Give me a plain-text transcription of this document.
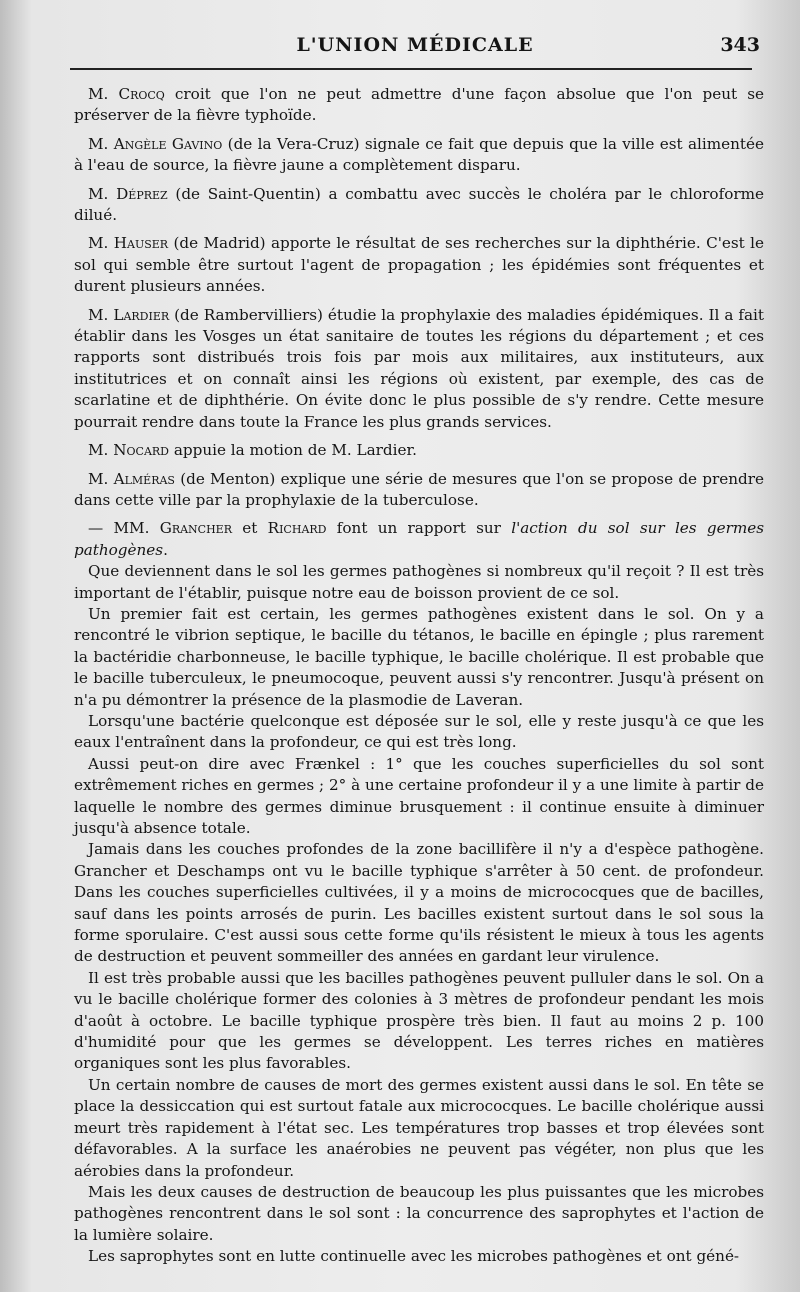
L'UNION MÉDICALE	343

M. Crocq croit que l'on ne peut admettre d'une façon absolue que l'on peut se préserver de la fièvre typhoïde.

M. Angèle Gavino (de la Vera-Cruz) signale ce fait que depuis que la ville est alimentée à l'eau de source, la fièvre jaune a complètement disparu.

M. Déprez (de Saint-Quentin) a combattu avec succès le choléra par le chloroforme dilué.

M. Hauser (de Madrid) apporte le résultat de ses recherches sur la diphthérie. C'est le sol qui semble être surtout l'agent de propagation ; les épidémies sont fréquentes et durent plusieurs années.

M. Lardier (de Rambervilliers) étudie la prophylaxie des maladies épidémiques. Il a fait établir dans les Vosges un état sanitaire de toutes les régions du département ; et ces rapports sont distribués trois fois par mois aux militaires, aux instituteurs, aux institutrices et on connaît ainsi les régions où existent, par exemple, des cas de scarlatine et de diphthérie. On évite donc le plus possible de s'y rendre. Cette mesure pourrait rendre dans toute la France les plus grands services.

M. Nocard appuie la motion de M. Lardier.

M. Alméras (de Menton) explique une série de mesures que l'on se propose de prendre dans cette ville par la prophylaxie de la tuberculose.

— MM. Grancher et Richard font un rapport sur l'action du sol sur les germes pathogènes.

Que deviennent dans le sol les germes pathogènes si nombreux qu'il reçoit ? Il est très important de l'établir, puisque notre eau de boisson provient de ce sol.

Un premier fait est certain, les germes pathogènes existent dans le sol. On y a rencontré le vibrion septique, le bacille du tétanos, le bacille en épingle ; plus rarement la bactéridie charbonneuse, le bacille typhique, le bacille cholérique. Il est probable que le bacille tuberculeux, le pneumocoque, peuvent aussi s'y rencontrer. Jusqu'à présent on n'a pu démontrer la présence de la plasmodie de Laveran.

Lorsqu'une bactérie quelconque est déposée sur le sol, elle y reste jusqu'à ce que les eaux l'entraînent dans la profondeur, ce qui est très long.

Aussi peut-on dire avec Frænkel : 1° que les couches superficielles du sol sont extrêmement riches en germes ; 2° à une certaine profondeur il y a une limite à partir de laquelle le nombre des germes diminue brusquement : il continue ensuite à diminuer jusqu'à absence totale.

Jamais dans les couches profondes de la zone bacillifère il n'y a d'espèce pathogène. Grancher et Deschamps ont vu le bacille typhique s'arrêter à 50 cent. de profondeur. Dans les couches superficielles cultivées, il y a moins de micrococques que de bacilles, sauf dans les points arrosés de purin. Les bacilles existent surtout dans le sol sous la forme sporulaire. C'est aussi sous cette forme qu'ils résistent le mieux à tous les agents de destruction et peuvent sommeiller des années en gardant leur virulence.

Il est très probable aussi que les bacilles pathogènes peuvent pulluler dans le sol. On a vu le bacille cholérique former des colonies à 3 mètres de profondeur pendant les mois d'août à octobre. Le bacille typhique prospère très bien. Il faut au moins 2 p. 100 d'humidité pour que les germes se développent. Les terres riches en matières organiques sont les plus favorables.

Un certain nombre de causes de mort des germes existent aussi dans le sol. En tête se place la dessiccation qui est surtout fatale aux micrococques. Le bacille cholérique aussi meurt très rapidement à l'état sec. Les températures trop basses et trop élevées sont défavorables. A la surface les anaérobies ne peuvent pas végéter, non plus que les aérobies dans la profondeur.

Mais les deux causes de destruction de beaucoup les plus puissantes que les microbes pathogènes rencontrent dans le sol sont : la concurrence des saprophytes et l'action de la lumière solaire.

Les saprophytes sont en lutte continuelle avec les microbes pathogènes et ont géné-
